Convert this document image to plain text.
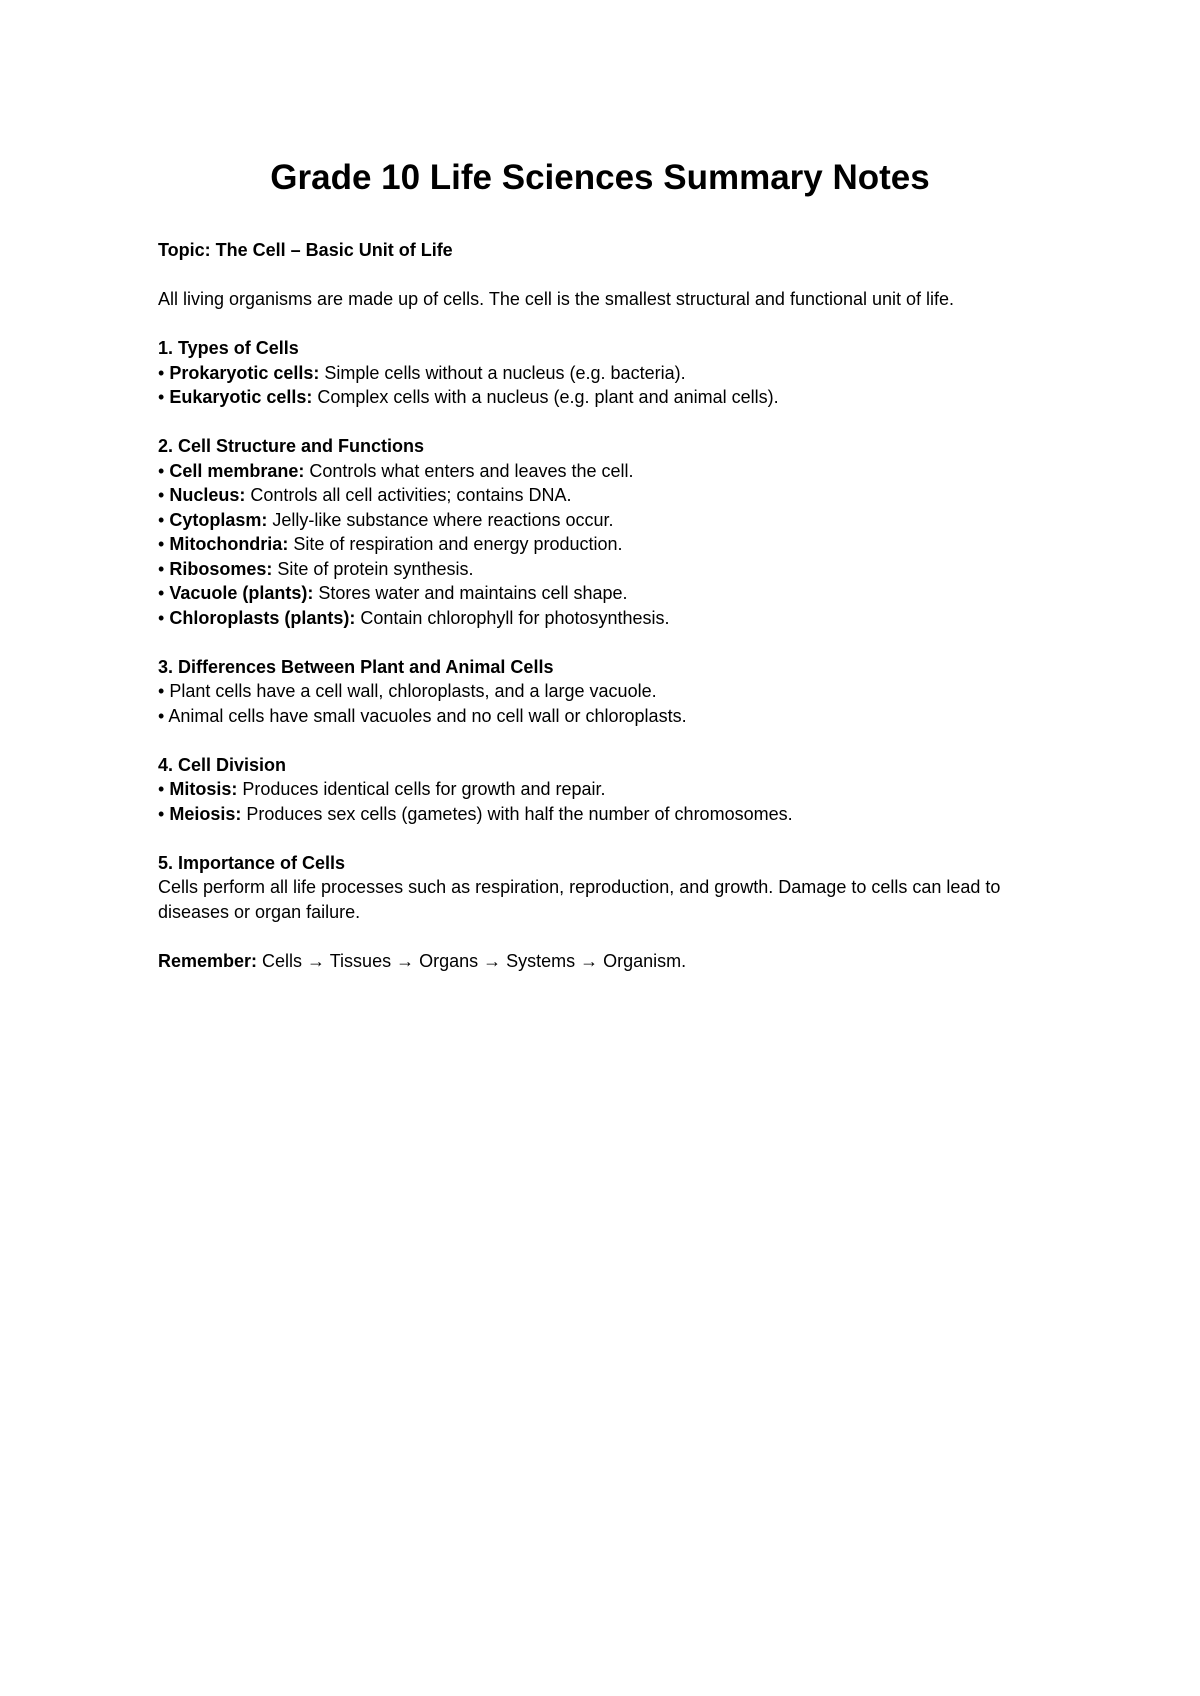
Grade 10 Life Sciences Summary Notes

Topic: The Cell – Basic Unit of Life

All living organisms are made up of cells. The cell is the smallest structural and functional unit of life.

1. Types of Cells

• Prokaryotic cells: Simple cells without a nucleus (e.g. bacteria).

• Eukaryotic cells: Complex cells with a nucleus (e.g. plant and animal cells).

2. Cell Structure and Functions

• Cell membrane: Controls what enters and leaves the cell.

• Nucleus: Controls all cell activities; contains DNA.

• Cytoplasm: Jelly-like substance where reactions occur.

• Mitochondria: Site of respiration and energy production.

• Ribosomes: Site of protein synthesis.

• Vacuole (plants): Stores water and maintains cell shape.

• Chloroplasts (plants): Contain chlorophyll for photosynthesis.

3. Differences Between Plant and Animal Cells

• Plant cells have a cell wall, chloroplasts, and a large vacuole.

• Animal cells have small vacuoles and no cell wall or chloroplasts.

4. Cell Division

• Mitosis: Produces identical cells for growth and repair.

• Meiosis: Produces sex cells (gametes) with half the number of chromosomes.

5. Importance of Cells

Cells perform all life processes such as respiration, reproduction, and growth. Damage to cells can lead to diseases or organ failure.

Remember: Cells → Tissues → Organs → Systems → Organism.
